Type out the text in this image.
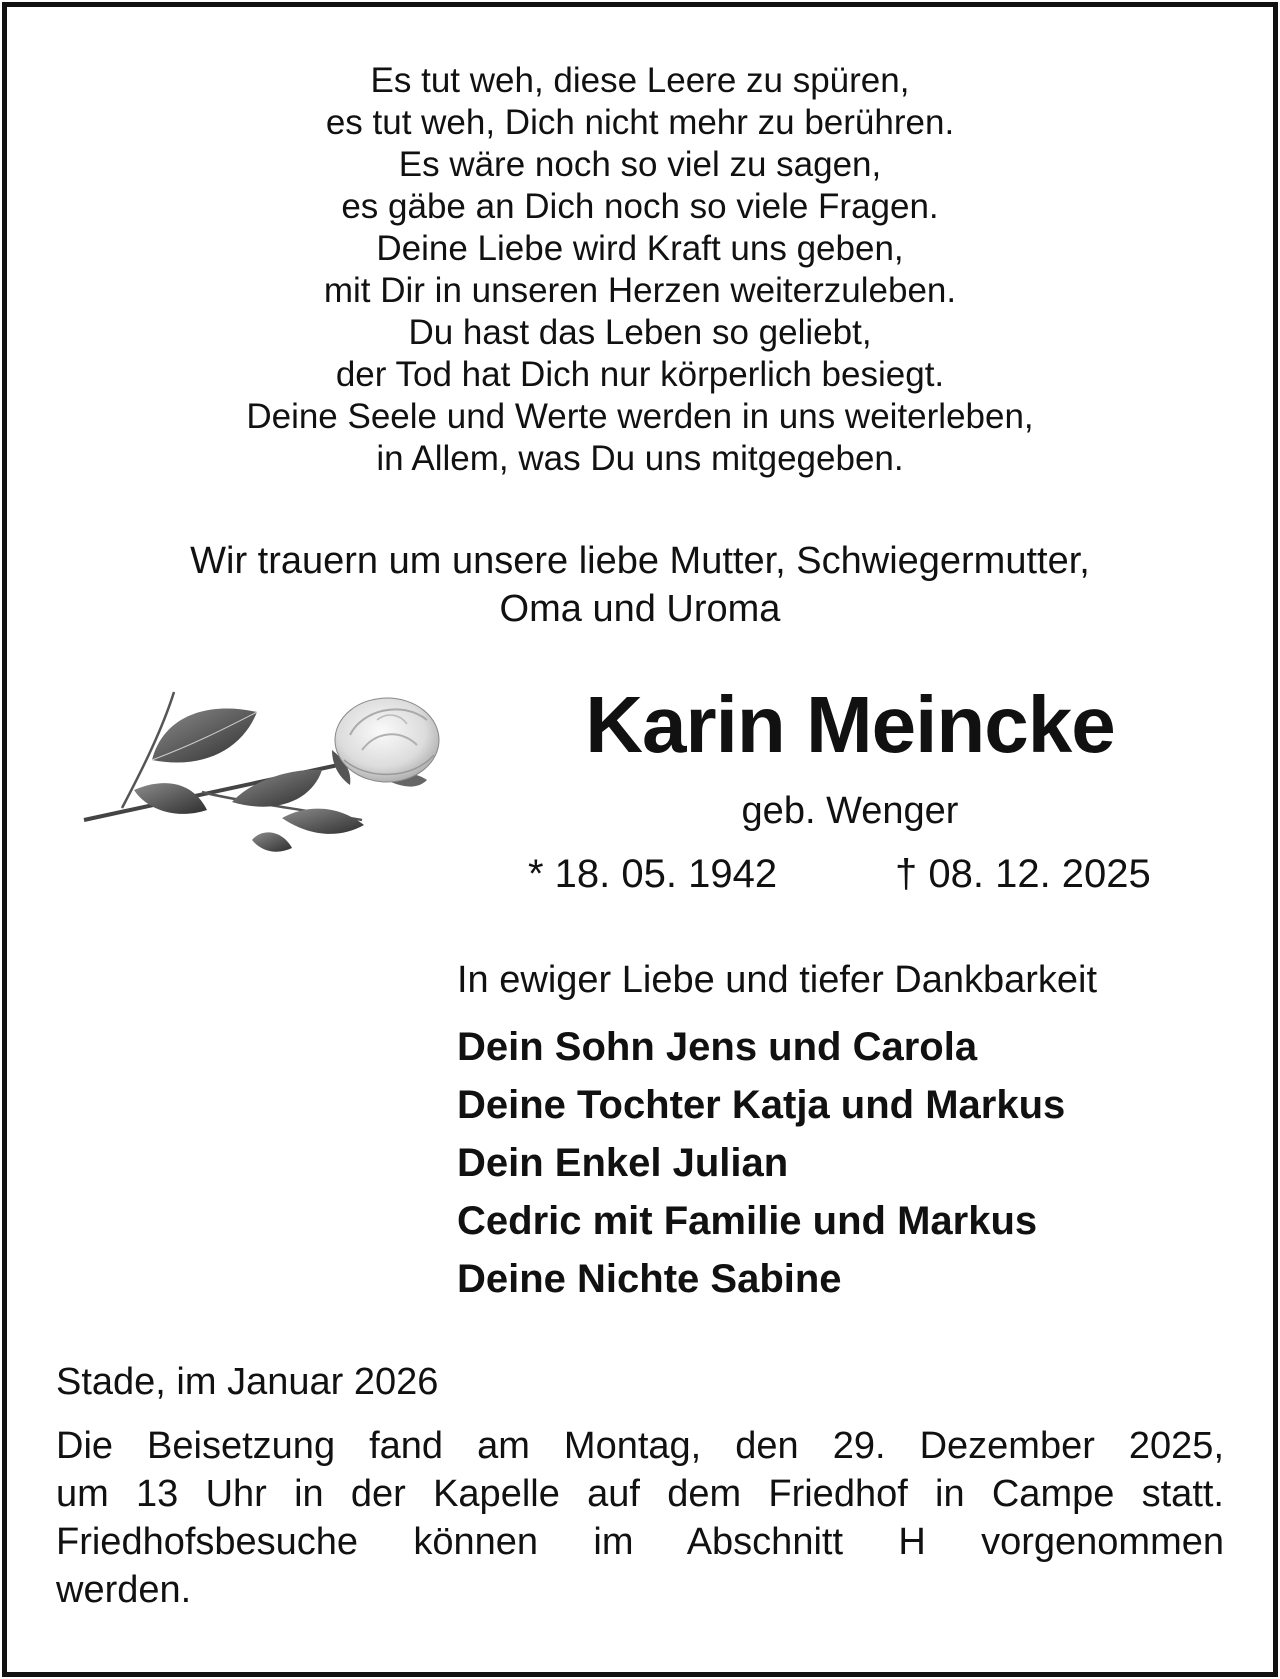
Es tut weh, diese Leere zu spüren,
es tut weh, Dich nicht mehr zu berühren.
Es wäre noch so viel zu sagen,
es gäbe an Dich noch so viele Fragen.
Deine Liebe wird Kraft uns geben,
mit Dir in unseren Herzen weiterzuleben.
Du hast das Leben so geliebt,
der Tod hat Dich nur körperlich besiegt.
Deine Seele und Werte werden in uns weiterleben,
in Allem, was Du uns mitgegeben.
Wir trauern um unsere liebe Mutter, Schwiegermutter,
Oma und Uroma
Karin Meincke
geb. Wenger
* 18. 05. 1942	† 08. 12. 2025
In ewiger Liebe und tiefer Dankbarkeit
Dein Sohn Jens und Carola
Deine Tochter Katja und Markus
Dein Enkel Julian
Cedric mit Familie und Markus
Deine Nichte Sabine
Stade, im Januar 2026
Die Beisetzung fand am Montag, den 29. Dezember 2025,
um 13 Uhr in der Kapelle auf dem Friedhof in Campe statt.
Friedhofsbesuche können im Abschnitt H vorgenommen
werden.
